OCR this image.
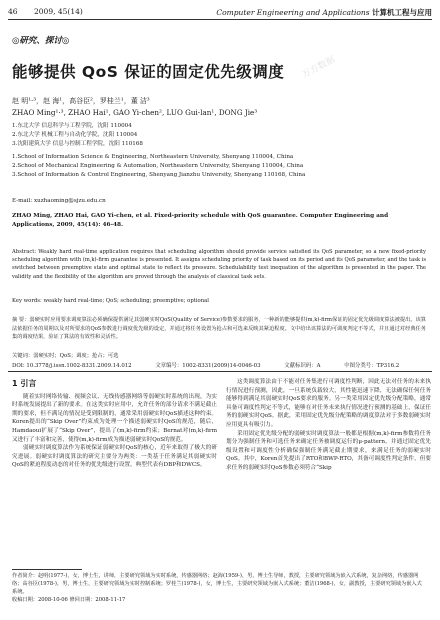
46 2009, 45(14)	Computer Engineering and Applications 计算机工程与应用
◎研究、探讨◎
能够提供 QoS 保证的固定优先级调度
赵 明¹·³，赵 海¹，高谷臣²，罗桂兰¹，董 洁³
ZHAO Ming¹·³, ZHAO Hai¹, GAO Yi-chen², LUO Gui-lan¹, DONG Jie³
1.东北大学 信息科学与工程学院，沈阳 110004
2.东北大学 机械工程与自动化学院，沈阳 110004
3.沈阳建筑大学 信息与控制工程学院，沈阳 110168
1.School of Information Science & Engineering, Northeastern University, Shenyang 110004, China
2.School of Mechanical Engineering & Automation, Northeastern University, Shenyang 110004, China
3.School of Information & Control Engineering, Shenyang Jianzhu University, Shenyang 110168, China
E-mail: xuzhaoming@sjzu.edu.cn
ZHAO Ming, ZHAO Hai, GAO Yi-chen, et al. Fixed-priority schedule with QoS guarantee. Computer Engineering and Applications, 2009, 45(14): 46-48.
Abstract: Weakly hard real-time application requires that scheduling algorithm should provide service satisfied its QoS parameter, so a new fixed-priority scheduling algorithm with (m,k)-firm guarantee is presented. It assigns scheduling priority of task based on its period and its QoS parameter, and the task is switched between preemptive state and optimal state to reflect its pressure. Schedulability test inequation of the algorithm is presented in the paper. The validity and the flexibility of the algorithm are proved through the analysis of classical task sets.
Key words: weakly hard real-time; QoS; scheduling; preemptive; optional
摘 要：弱硬实时应用要求调度算法必须确保提供满足其弱硬实时QoS(Quality of Service)参数要求的服务，一种新的能够提供(m,k)-firm保证的固定优先级调度算法被提出。该算法依据任务的周期以及对所要求的QoS参数进行调度优先级的设定，并通过将任务设置为抢占和可选来反映其紧迫程度。文中给出该算法的可调度判定不等式，并且通过对经典任务集的调度结果，验证了算法的有效性和灵活性。
关键词：弱硬实时；QoS；调度；抢占；可选
DOI: 10.3778/j.issn.1002-8331.2009.14.012	文章编号：1002-8331(2009)14-0046-03	文献标识码：A	中图分类号：TP316.2
1 引言

随着实时网络传输、视频会议、无线传感器网络等弱硬实时系统的出现，为实时系统发展提出了新的要求。在这类实时应用中，允许任务的部分请求不满足截止期的要求，但不满足的情况是受到限制的，通常采用弱硬实时QoS描述这种约束。Koren提出的“Skip Over”约束成为处理一个描述弱硬实时QoS的规范，随后，Hamdaoui扩展了“Skip Over”，提出了(m,k)-firm约束；Bernat对(m,k)-firm又进行了丰富和完善，使得(m,k)-firm成为描述弱硬实时QoS的规范。

弱硬实时调度算法作为系统保证弱硬实时QoS的核心，近年来取得了极大的研究进展。弱硬实时调度算法的研究主要分为两类：一类基于任务满足其弱硬实时QoS的紧迫程度动态的对任务的优先级进行设置，典型代表有DBP和DWCS。

这类调度算法由于不能对任务集进行可调度性判断，因此无法对任务的未来执行情况进行预测，因此，一旦系统负载较大，其性能迅速下降，无法确保任何任务能够得到满足其弱硬实时QoS要求的服务。另一类采用固定优先级分配策略，通常具备可调度性判定不等式，能够在对任务未来执行情况进行预测的基础上，保证任务的弱硬实时QoS。据此，采用固定优先级分配策略的调度算法对于多数弱硬实时应用更具有吸引力。

采用固定优先级分配的弱硬实时调度算法一般都是根据(m,k)-firm参数将任务划分为强制任务和可选任务来确定任务被调度运行的μ-pattern，并通过固定优先级设置和可调度性分析确保强制任务满足截止期要求，来满足任务的弱硬实时QoS。其中，Koren首先提出了RTO和BWP-RTO，其备可调度性判定条件，但要求任务的弱硬实时QoS参数必须符合“Skip

作者简介：赵明(1977-)，女，博士生，讲师，主要研究领域为实时系统，传感器网络；赵海(1959-)，男，博士生导师，教授，主要研究领域为嵌入式系统，复杂网络，传感器网络；高谷臣(1978-)，男，博士生，主要研究领域为实时控制系统；罗桂兰(1978-)，女，博士生，主要研究领域为嵌入式系统；董洁(1968-)，女，副教授，主要研究领域为嵌入式系统。
收稿日期：2008-10-06 修回日期：2008-11-17
万方数据
